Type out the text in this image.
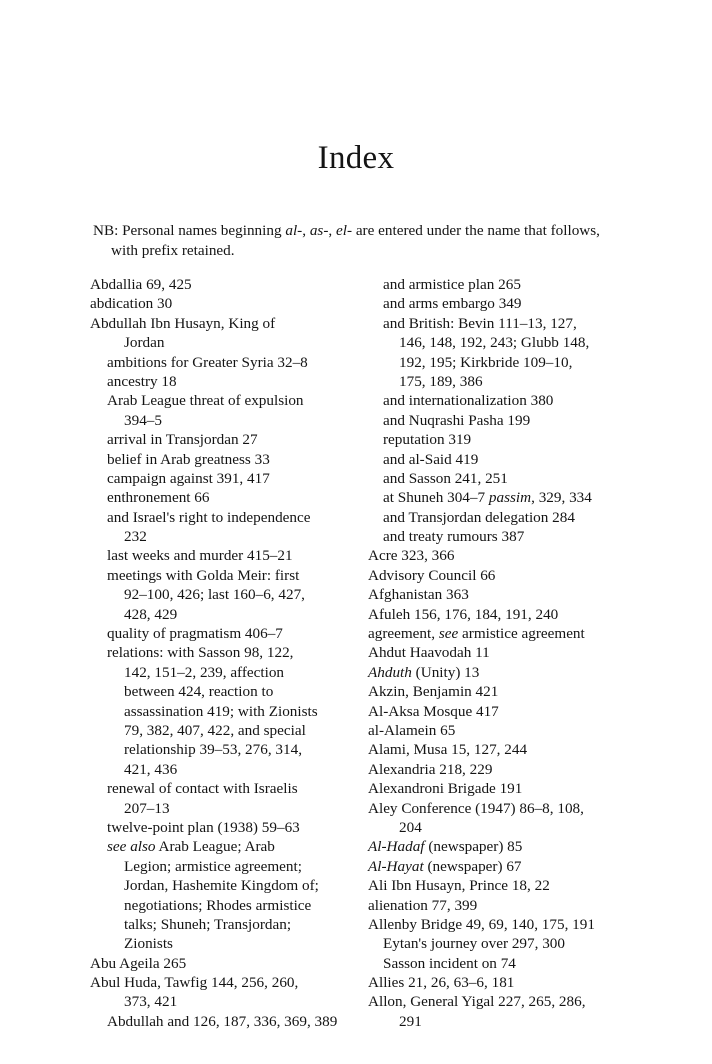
Index
NB: Personal names beginning al-, as-, el- are entered under the name that follows,
with prefix retained.
Abdallia 69, 425
abdication 30
Abdullah Ibn Husayn, King of
Jordan
ambitions for Greater Syria 32–8
ancestry 18
Arab League threat of expulsion
394–5
arrival in Transjordan 27
belief in Arab greatness 33
campaign against 391, 417
enthronement 66
and Israel's right to independence
232
last weeks and murder 415–21
meetings with Golda Meir: first
92–100, 426; last 160–6, 427,
428, 429
quality of pragmatism 406–7
relations: with Sasson 98, 122,
142, 151–2, 239, affection
between 424, reaction to
assassination 419; with Zionists
79, 382, 407, 422, and special
relationship 39–53, 276, 314,
421, 436
renewal of contact with Israelis
207–13
twelve-point plan (1938) 59–63
see also Arab League; Arab
Legion; armistice agreement;
Jordan, Hashemite Kingdom of;
negotiations; Rhodes armistice
talks; Shuneh; Transjordan;
Zionists
Abu Ageila 265
Abul Huda, Tawfig 144, 256, 260,
373, 421
Abdullah and 126, 187, 336, 369, 389
and armistice plan 265
and arms embargo 349
and British: Bevin 111–13, 127,
146, 148, 192, 243; Glubb 148,
192, 195; Kirkbride 109–10,
175, 189, 386
and internationalization 380
and Nuqrashi Pasha 199
reputation 319
and al-Said 419
and Sasson 241, 251
at Shuneh 304–7 passim, 329, 334
and Transjordan delegation 284
and treaty rumours 387
Acre 323, 366
Advisory Council 66
Afghanistan 363
Afuleh 156, 176, 184, 191, 240
agreement, see armistice agreement
Ahdut Haavodah 11
Ahduth (Unity) 13
Akzin, Benjamin 421
Al-Aksa Mosque 417
al-Alamein 65
Alami, Musa 15, 127, 244
Alexandria 218, 229
Alexandroni Brigade 191
Aley Conference (1947) 86–8, 108,
204
Al-Hadaf (newspaper) 85
Al-Hayat (newspaper) 67
Ali Ibn Husayn, Prince 18, 22
alienation 77, 399
Allenby Bridge 49, 69, 140, 175, 191
Eytan's journey over 297, 300
Sasson incident on 74
Allies 21, 26, 63–6, 181
Allon, General Yigal 227, 265, 286,
291
